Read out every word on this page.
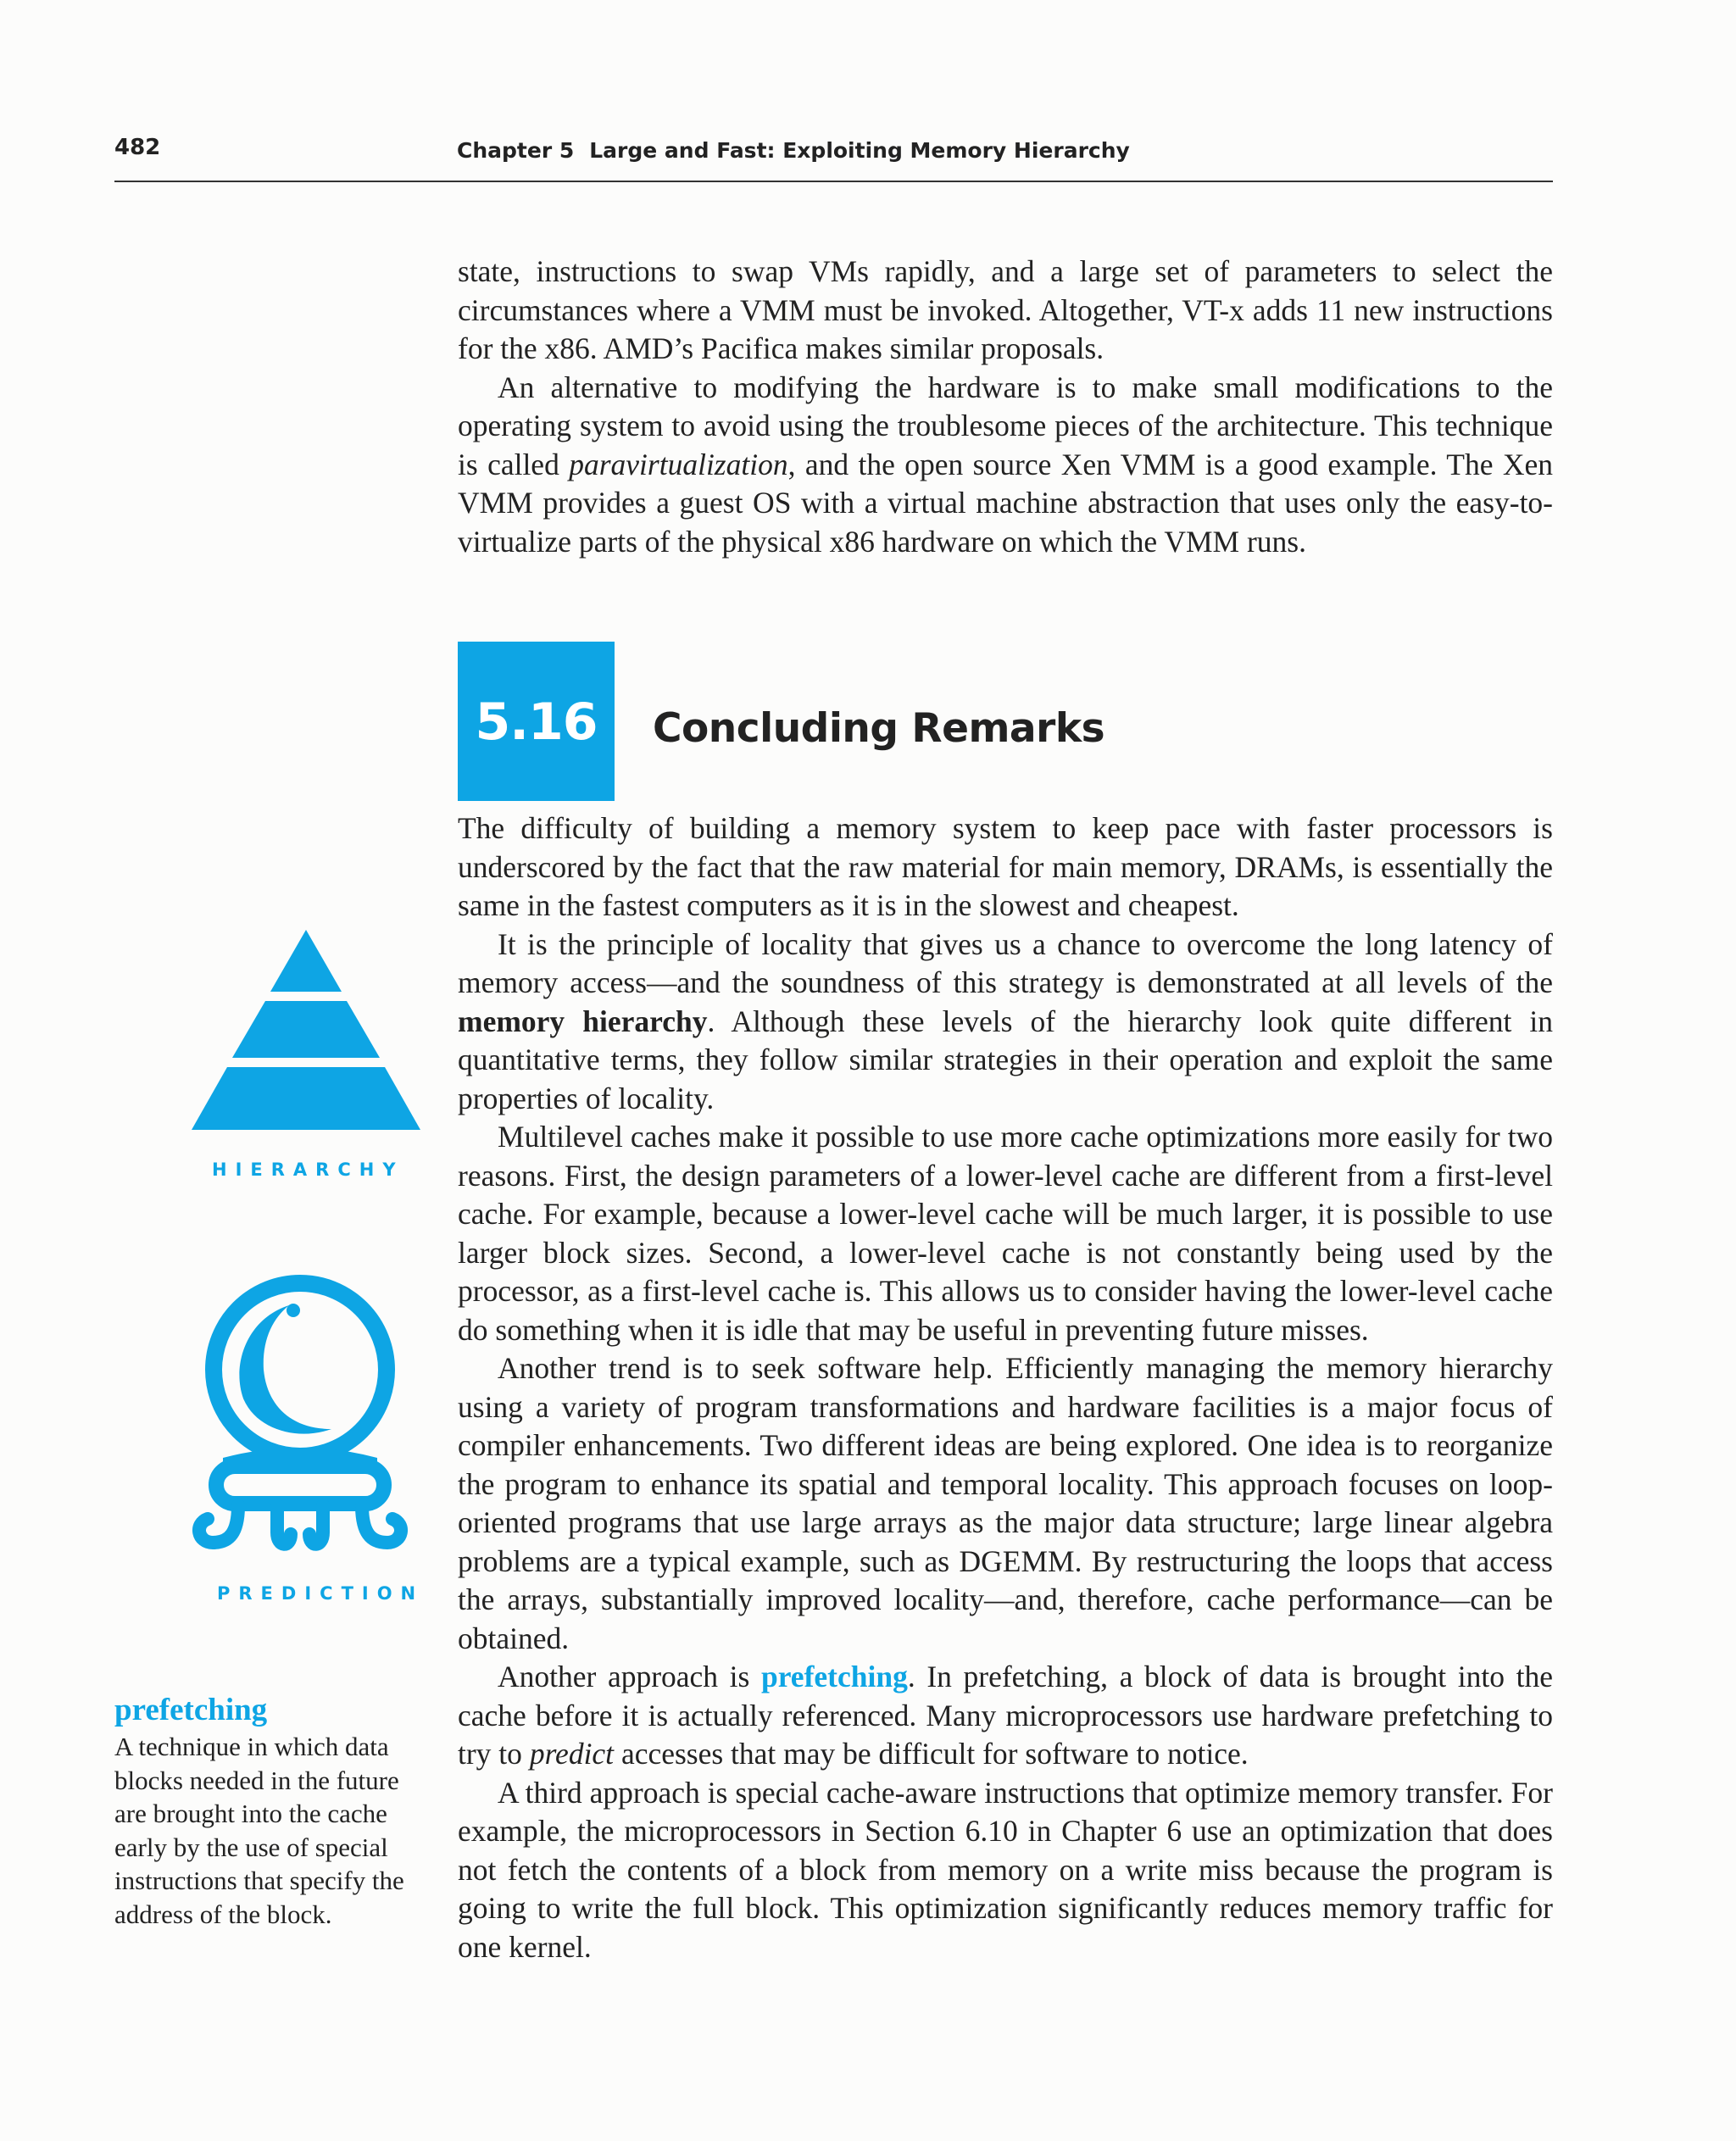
482	Chapter 5 Large and Fast: Exploiting Memory Hierarchy

state, instructions to swap VMs rapidly, and a large set of parameters to select the circumstances where a VMM must be invoked. Altogether, VT-x adds 11 new instructions for the x86. AMD’s Pacifica makes similar proposals.

An alternative to modifying the hardware is to make small modifications to the operating system to avoid using the troublesome pieces of the architecture. This technique is called paravirtualization, and the open source Xen VMM is a good example. The Xen VMM provides a guest OS with a virtual machine abstraction that uses only the easy-to-virtualize parts of the physical x86 hardware on which the VMM runs.

5.16	Concluding Remarks

The difficulty of building a memory system to keep pace with faster processors is underscored by the fact that the raw material for main memory, DRAMs, is essentially the same in the fastest computers as it is in the slowest and cheapest.

It is the principle of locality that gives us a chance to overcome the long latency of memory access—and the soundness of this strategy is demonstrated at all levels of the memory hierarchy. Although these levels of the hierarchy look quite different in quantitative terms, they follow similar strategies in their operation and exploit the same properties of locality.

Multilevel caches make it possible to use more cache optimizations more easily for two reasons. First, the design parameters of a lower-level cache are different from a first-level cache. For example, because a lower-level cache will be much larger, it is possible to use larger block sizes. Second, a lower-level cache is not constantly being used by the processor, as a first-level cache is. This allows us to consider having the lower-level cache do something when it is idle that may be useful in preventing future misses.

Another trend is to seek software help. Efficiently managing the memory hierarchy using a variety of program transformations and hardware facilities is a major focus of compiler enhancements. Two different ideas are being explored. One idea is to reorganize the program to enhance its spatial and temporal locality. This approach focuses on loop-oriented programs that use large arrays as the major data structure; large linear algebra problems are a typical example, such as DGEMM. By restructuring the loops that access the arrays, substantially improved locality—and, therefore, cache performance—can be obtained.

Another approach is prefetching. In prefetching, a block of data is brought into the cache before it is actually referenced. Many microprocessors use hardware prefetching to try to predict accesses that may be difficult for software to notice.

A third approach is special cache-aware instructions that optimize memory transfer. For example, the microprocessors in Section 6.10 in Chapter 6 use an optimization that does not fetch the contents of a block from memory on a write miss because the program is going to write the full block. This optimization significantly reduces memory traffic for one kernel.

HIERARCHY
PREDICTION
prefetching
A technique in which data blocks needed in the future are brought into the cache early by the use of special instructions that specify the address of the block.
